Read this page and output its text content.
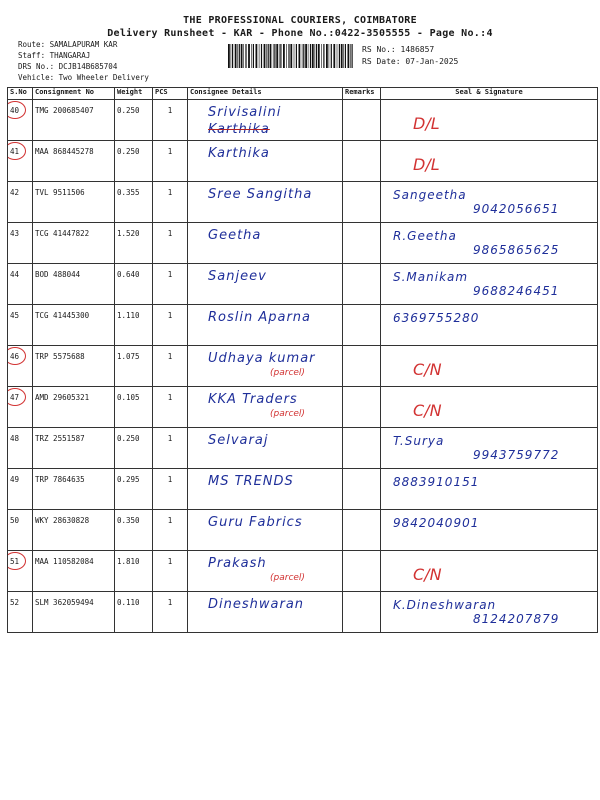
THE PROFESSIONAL COURIERS, COIMBATORE
Delivery Runsheet - KAR - Phone No.:0422-3505555 - Page No.:4
Route: SAMALAPURAM KAR
Staff: THANGARAJ
DRS No.: DCJB14B685704
Vehicle: Two Wheeler Delivery
RS No.: 1486857
RS Date: 07-Jan-2025
S.No	Consignment No	Weight	PCS	Consignee Details	Remarks	Seal & Signature
40	TMG 200685407	0.250	1	Srivisalini
Karthika		D/L

41	MAA 868445278	0.250	1	Karthika		D/L

42	TVL 9511506	0.355	1	Sree Sangitha		Sangeetha
9042056651

43	TCG 41447822	1.520	1	Geetha		R.Geetha
9865865625

44	BOD 488044	0.640	1	Sanjeev		S.Manikam
9688246451

45	TCG 41445300	1.110	1	Roslin Aparna		6369755280

46	TRP 5575688	1.075	1	Udhaya kumar
(parcel)		C/N

47	AMD 29605321	0.105	1	KKA Traders
(parcel)		C/N

48	TRZ 2551587	0.250	1	Selvaraj		T.Surya
9943759772

49	TRP 7864635	0.295	1	MS TRENDS		8883910151

50	WKY 28630828	0.350	1	Guru Fabrics		9842040901

51	MAA 110582084	1.810	1	Prakash
(parcel)		C/N

52	SLM 362059494	0.110	1	Dineshwaran		K.Dineshwaran
8124207879
